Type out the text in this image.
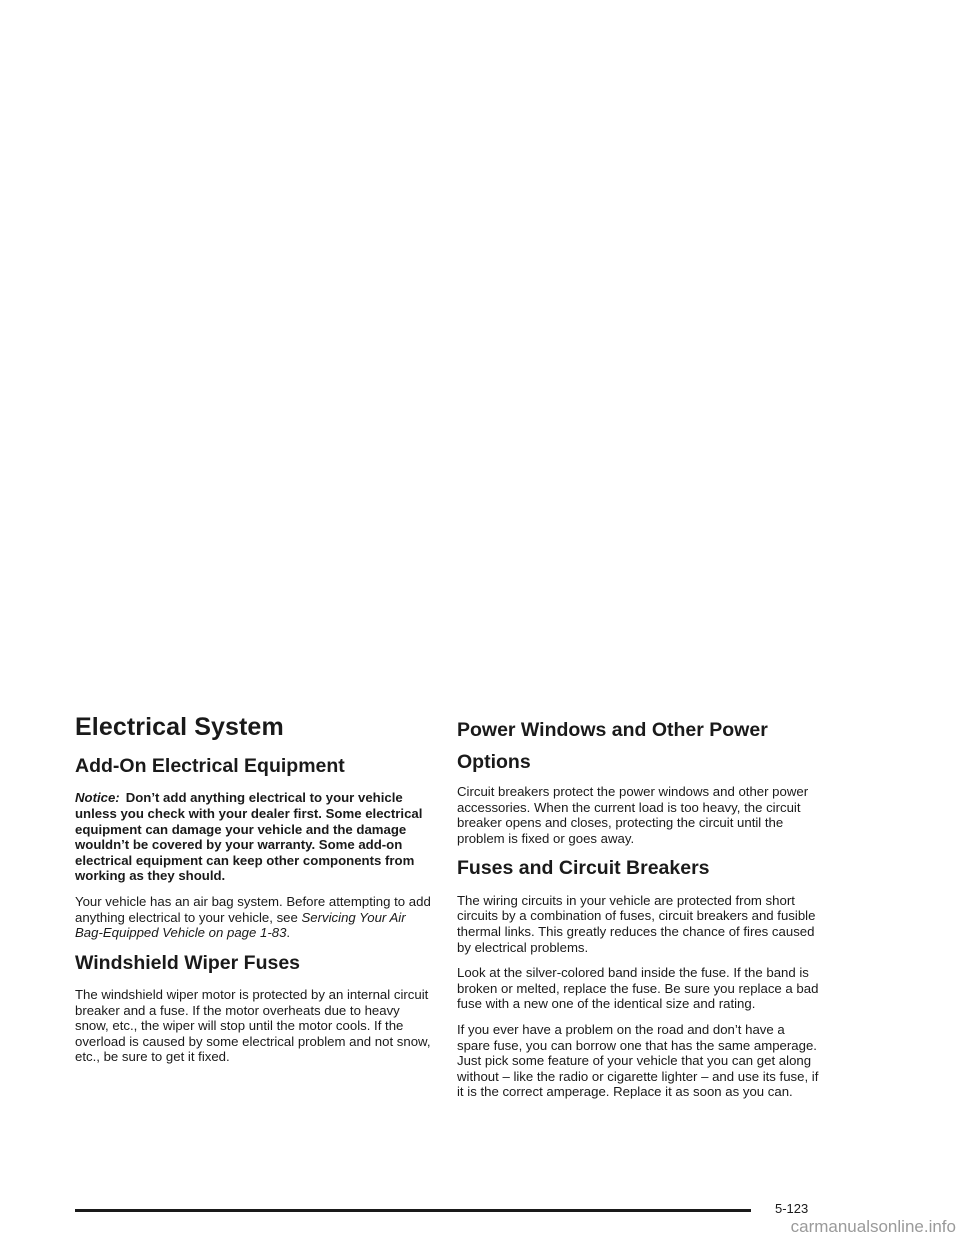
Electrical System
Add-On Electrical Equipment

Notice: Don’t add anything electrical to your vehicle unless you check with your dealer first. Some electrical equipment can damage your vehicle and the damage wouldn’t be covered by your warranty. Some add-on electrical equipment can keep other components from working as they should.

Your vehicle has an air bag system. Before attempting to add anything electrical to your vehicle, see Servicing Your Air Bag-Equipped Vehicle on page 1-83.

Windshield Wiper Fuses

The windshield wiper motor is protected by an internal circuit breaker and a fuse. If the motor overheats due to heavy snow, etc., the wiper will stop until the motor cools. If the overload is caused by some electrical problem and not snow, etc., be sure to get it fixed.

Power Windows and Other Power Options

Circuit breakers protect the power windows and other power accessories. When the current load is too heavy, the circuit breaker opens and closes, protecting the circuit until the problem is fixed or goes away.

Fuses and Circuit Breakers

The wiring circuits in your vehicle are protected from short circuits by a combination of fuses, circuit breakers and fusible thermal links. This greatly reduces the chance of fires caused by electrical problems.

Look at the silver-colored band inside the fuse. If the band is broken or melted, replace the fuse. Be sure you replace a bad fuse with a new one of the identical size and rating.

If you ever have a problem on the road and don’t have a spare fuse, you can borrow one that has the same amperage. Just pick some feature of your vehicle that you can get along without – like the radio or cigarette lighter – and use its fuse, if it is the correct amperage. Replace it as soon as you can.

5-123
carmanualsonline.info
